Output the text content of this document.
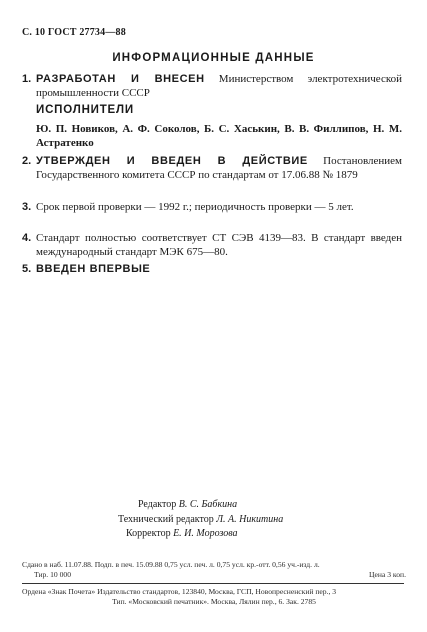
С. 10 ГОСТ 27734—88
ИНФОРМАЦИОННЫЕ ДАННЫЕ
1. РАЗРАБОТАН И ВНЕСЕН Министерством электротехнической промышленности СССР
ИСПОЛНИТЕЛИ
Ю. П. Новиков, А. Ф. Соколов, Б. С. Хаськин, В. В. Филлипов, Н. М. Астратенко
2. УТВЕРЖДЕН И ВВЕДЕН В ДЕЙСТВИЕ Постановлением Государственного комитета СССР по стандартам от 17.06.88 № 1879
3. Срок первой проверки — 1992 г.; периодичность проверки — 5 лет.
4. Стандарт полностью соответствует СТ СЭВ 4139—83. В стандарт введен международный стандарт МЭК 675—80.
5. ВВЕДЕН ВПЕРВЫЕ
Редактор В. С. Бабкина
Технический редактор Л. А. Никитина
Корректор Е. И. Морозова
Сдано в наб. 11.07.88. Подп. в печ. 15.09.88 0,75 усл. печ. л. 0,75 усл. кр.-отт. 0,56 уч.-изд. л.
Тир. 10 000	Цена 3 коп.
Ордена «Знак Почета» Издательство стандартов, 123840, Москва, ГСП, Новопресненский пер., 3
Тип. «Московский печатник». Москва, Лялин пер., 6. Зак. 2785
